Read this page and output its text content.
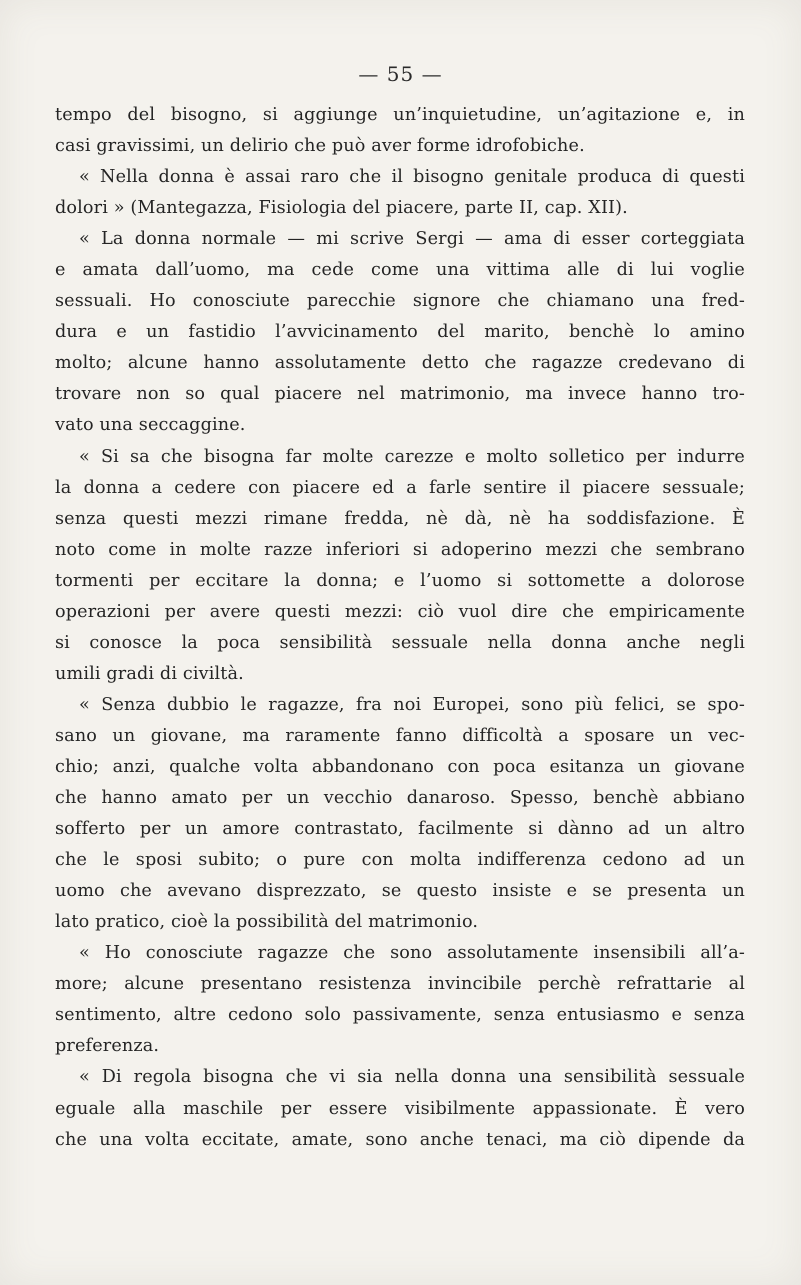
— 55 —
tempo del bisogno, si aggiunge un’inquietudine, un’agitazione e, in
casi gravissimi, un delirio che può aver forme idrofobiche.
« Nella donna è assai raro che il bisogno genitale produca di questi
dolori » (Mantegazza, Fisiologia del piacere, parte II, cap. XII).
« La donna normale — mi scrive Sergi — ama di esser corteggiata
e amata dall’uomo, ma cede come una vittima alle di lui voglie
sessuali. Ho conosciute parecchie signore che chiamano una fred-
dura e un fastidio l’avvicinamento del marito, benchè lo amino
molto; alcune hanno assolutamente detto che ragazze credevano di
trovare non so qual piacere nel matrimonio, ma invece hanno tro-
vato una seccaggine.
« Si sa che bisogna far molte carezze e molto solletico per indurre
la donna a cedere con piacere ed a farle sentire il piacere sessuale;
senza questi mezzi rimane fredda, nè dà, nè ha soddisfazione. È
noto come in molte razze inferiori si adoperino mezzi che sembrano
tormenti per eccitare la donna; e l’uomo si sottomette a dolorose
operazioni per avere questi mezzi: ciò vuol dire che empiricamente
si conosce la poca sensibilità sessuale nella donna anche negli
umili gradi di civiltà.
« Senza dubbio le ragazze, fra noi Europei, sono più felici, se spo-
sano un giovane, ma raramente fanno difficoltà a sposare un vec-
chio; anzi, qualche volta abbandonano con poca esitanza un giovane
che hanno amato per un vecchio danaroso. Spesso, benchè abbiano
sofferto per un amore contrastato, facilmente si dànno ad un altro
che le sposi subito; o pure con molta indifferenza cedono ad un
uomo che avevano disprezzato, se questo insiste e se presenta un
lato pratico, cioè la possibilità del matrimonio.
« Ho conosciute ragazze che sono assolutamente insensibili all’a-
more; alcune presentano resistenza invincibile perchè refrattarie al
sentimento, altre cedono solo passivamente, senza entusiasmo e senza
preferenza.
« Di regola bisogna che vi sia nella donna una sensibilità sessuale
eguale alla maschile per essere visibilmente appassionate. È vero
che una volta eccitate, amate, sono anche tenaci, ma ciò dipende da
